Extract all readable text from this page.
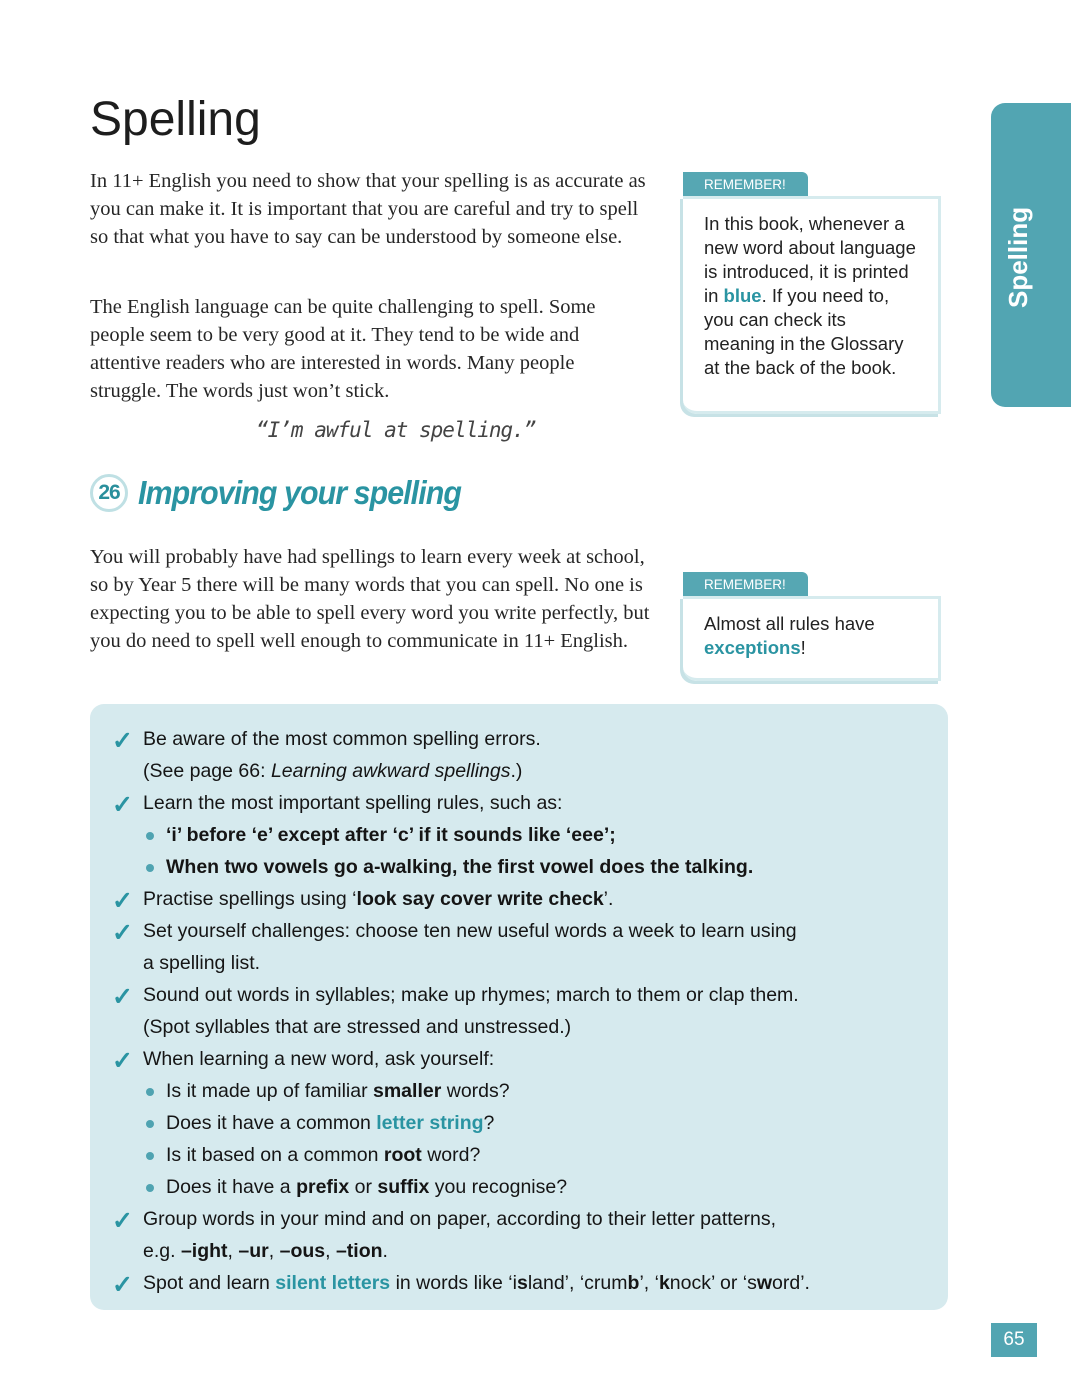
Spelling
Spelling

In 11+ English you need to show that your spelling is as accurate as you can make it. It is important that you are careful and try to spell so that what you have to say can be understood by someone else.

The English language can be quite challenging to spell. Some people seem to be very good at it. They tend to be wide and attentive readers who are interested in words. Many people struggle. The words just won’t stick.

“I’m awful at spelling.”
REMEMBER!
In this book, whenever a new word about language is introduced, it is printed in blue. If you need to, you can check its meaning in the Glossary at the back of the book.
26 Improving your spelling

You will probably have had spellings to learn every week at school, so by Year 5 there will be many words that you can spell. No one is expecting you to be able to spell every word you write perfectly, but you do need to spell well enough to communicate in 11+ English.

REMEMBER!
Almost all rules have exceptions!
✓ Be aware of the most common spelling errors.
(See page 66: Learning awkward spellings.)
✓ Learn the most important spelling rules, such as:
‘i’ before ‘e’ except after ‘c’ if it sounds like ‘eee’;
When two vowels go a-walking, the first vowel does the talking.
✓ Practise spellings using ‘look say cover write check’.
✓ Set yourself challenges: choose ten new useful words a week to learn using
a spelling list.
✓ Sound out words in syllables; make up rhymes; march to them or clap them.
(Spot syllables that are stressed and unstressed.)
✓ When learning a new word, ask yourself:
Is it made up of familiar smaller words?
Does it have a common letter string?
Is it based on a common root word?
Does it have a prefix or suffix you recognise?
✓ Group words in your mind and on paper, according to their letter patterns,
e.g. –ight, –ur, –ous, –tion.
✓ Spot and learn silent letters in words like ‘island’, ‘crumb’, ‘knock’ or ‘sword’.
65
